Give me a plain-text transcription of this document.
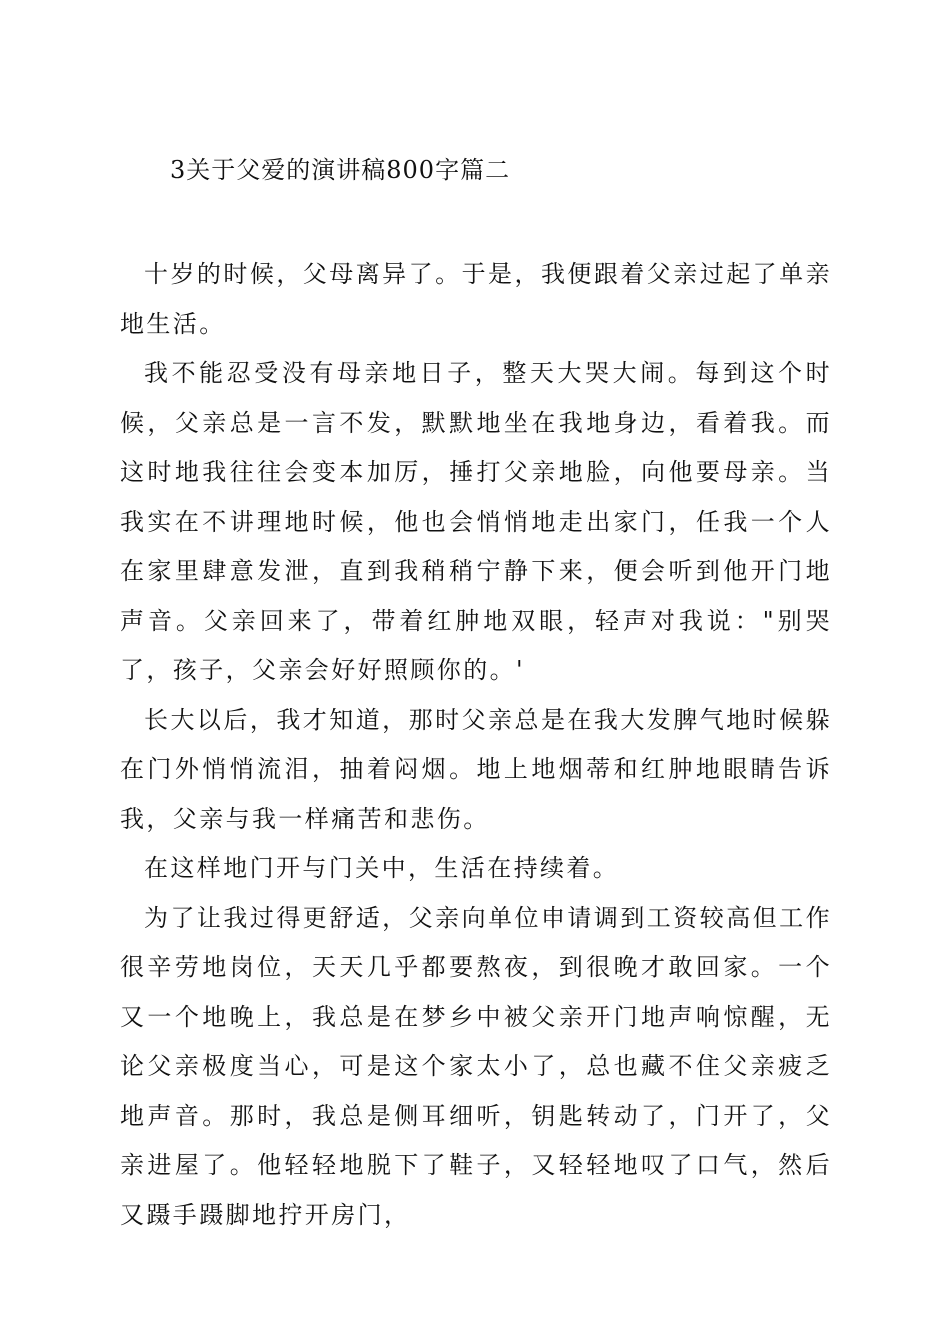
3关于父爱的演讲稿800字篇二

十岁的时候，父母离异了。于是，我便跟着父亲过起了单亲地生活。

我不能忍受没有母亲地日子，整天大哭大闹。每到这个时候，父亲总是一言不发，默默地坐在我地身边，看着我。而这时地我往往会变本加厉，捶打父亲地脸，向他要母亲。当我实在不讲理地时候，他也会悄悄地走出家门，任我一个人在家里肆意发泄，直到我稍稍宁静下来，便会听到他开门地声音。父亲回来了，带着红肿地双眼，轻声对我说："别哭了，孩子，父亲会好好照顾你的。'

长大以后，我才知道，那时父亲总是在我大发脾气地时候躲在门外悄悄流泪，抽着闷烟。地上地烟蒂和红肿地眼睛告诉我，父亲与我一样痛苦和悲伤。

在这样地门开与门关中，生活在持续着。

为了让我过得更舒适，父亲向单位申请调到工资较高但工作很辛劳地岗位，天天几乎都要熬夜，到很晚才敢回家。一个又一个地晚上，我总是在梦乡中被父亲开门地声响惊醒，无论父亲极度当心，可是这个家太小了，总也藏不住父亲疲乏地声音。那时，我总是侧耳细听，钥匙转动了，门开了，父亲进屋了。他轻轻地脱下了鞋子，又轻轻地叹了口气，然后又蹑手蹑脚地拧开房门，
